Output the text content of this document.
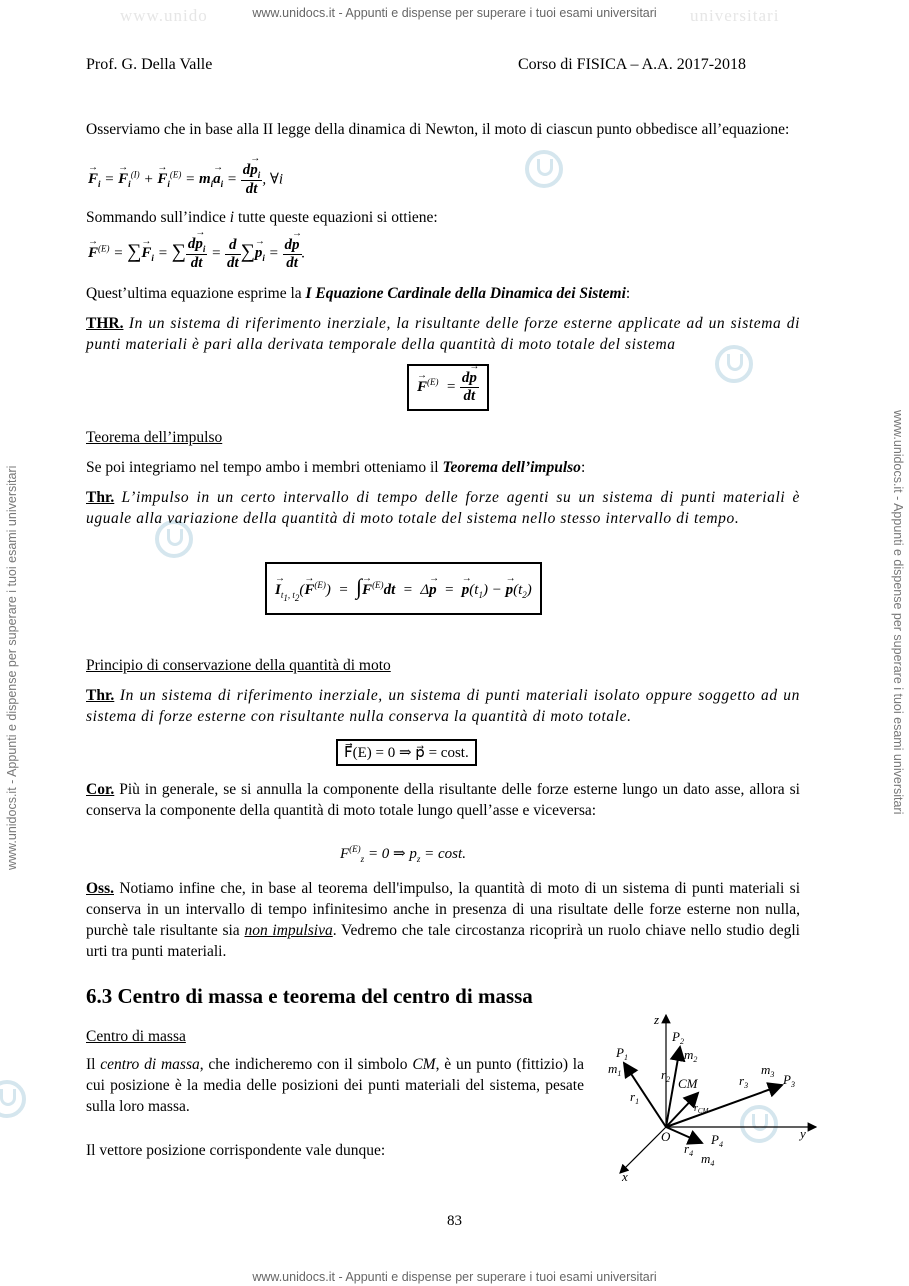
www.unidocs.it - Appunti e dispense per superare i tuoi esami universitari
www.unido	universitari
www.unidocs.it - Appunti e dispense per superare i tuoi esami universitari
www.unidocs.it - Appunti e dispense per superare i tuoi esami universitari	www.unidocs.it - Appunti e dispense per superare i tuoi esami universitari
Prof. G. Della Valle	Corso di FISICA – A.A. 2017-2018
Osserviamo che in base alla II legge della dinamica di Newton, il moto di ciascun punto obbedisce all’equazione:
→ $F_i$ = → $F_i^{(I)}$ + → $F_i^{(E)} = m_i\to a_i = \frac{d\to p_i}{dt}$ , ∀i
Sommando sull’indice i tutte queste equazioni si ottiene:
→ $F^{(E)}$ = ∑→ $F_i$ = ∑ $\frac{d\to p_i}{dt} = \frac{d}{dt}$ ∑→ $p_i = \frac{d\to p}{dt}$ .
Quest’ultima equazione esprime la I Equazione Cardinale della Dinamica dei Sistemi:
THR. In un sistema di riferimento inerziale, la risultante delle forze esterne applicate ad un sistema di punti materiali è pari alla derivata temporale della quantità di moto totale del sistema
→ $F^{(E)} = \frac{d\to p}{dt}$
Teorema dell’impulso
Se poi integriamo nel tempo ambo i membri otteniamo il Teorema dell’impulso:
Thr. L’impulso in un certo intervallo di tempo delle forze agenti su un sistema di punti materiali è uguale alla variazione della quantità di moto totale del sistema nello stesso intervallo di tempo.
→ $I_{t_1, t_2}(\to F^{(E)})$  =  ∫→ $F^{(E)}dt = \Delta\to p$  =  → $p(t_1)$ − → $p(t_2)$
Principio di conservazione della quantità di moto
Thr. In un sistema di riferimento inerziale, un sistema di punti materiali isolato oppure soggetto ad un sistema di forze esterne con risultante nulla conserva la quantità di moto totale.
F⃗(E) = 0 ⇒ p⃗ = cost.
Cor. Più in generale, se si annulla la componente della risultante delle forze esterne lungo un dato asse, allora si conserva la componente della quantità di moto totale lungo quell’asse e viceversa:
$F^{(E)}_z = 0$ ⇒ $p_z = \cos t$.
Oss. Notiamo infine che, in base al teorema dell'impulso, la quantità di moto di un sistema di punti materiali si conserva in un intervallo di tempo infinitesimo anche in presenza di una risultate delle forze esterne non nulla, purchè tale risultante sia non impulsiva. Vedremo che tale circostanza ricoprirà un ruolo chiave nello studio degli urti tra punti materiali.
6.3 Centro di massa e teorema del centro di massa
Centro di massa
Il centro di massa, che indicheremo con il simbolo CM, è un punto (fittizio) la cui posizione è la media delle posizioni dei punti materiali del sistema, pesate sulla loro massa.
Il vettore posizione corrispondente vale dunque:
z
y
x
O
CM
$r_{CM}$
$P_1$
$m_1$
$r_1$
$P_2$
$m_2$
$r_2$	$P_3$
$m_3$
$r_3$
$P_4$
$m_4$
$r_4$
83
